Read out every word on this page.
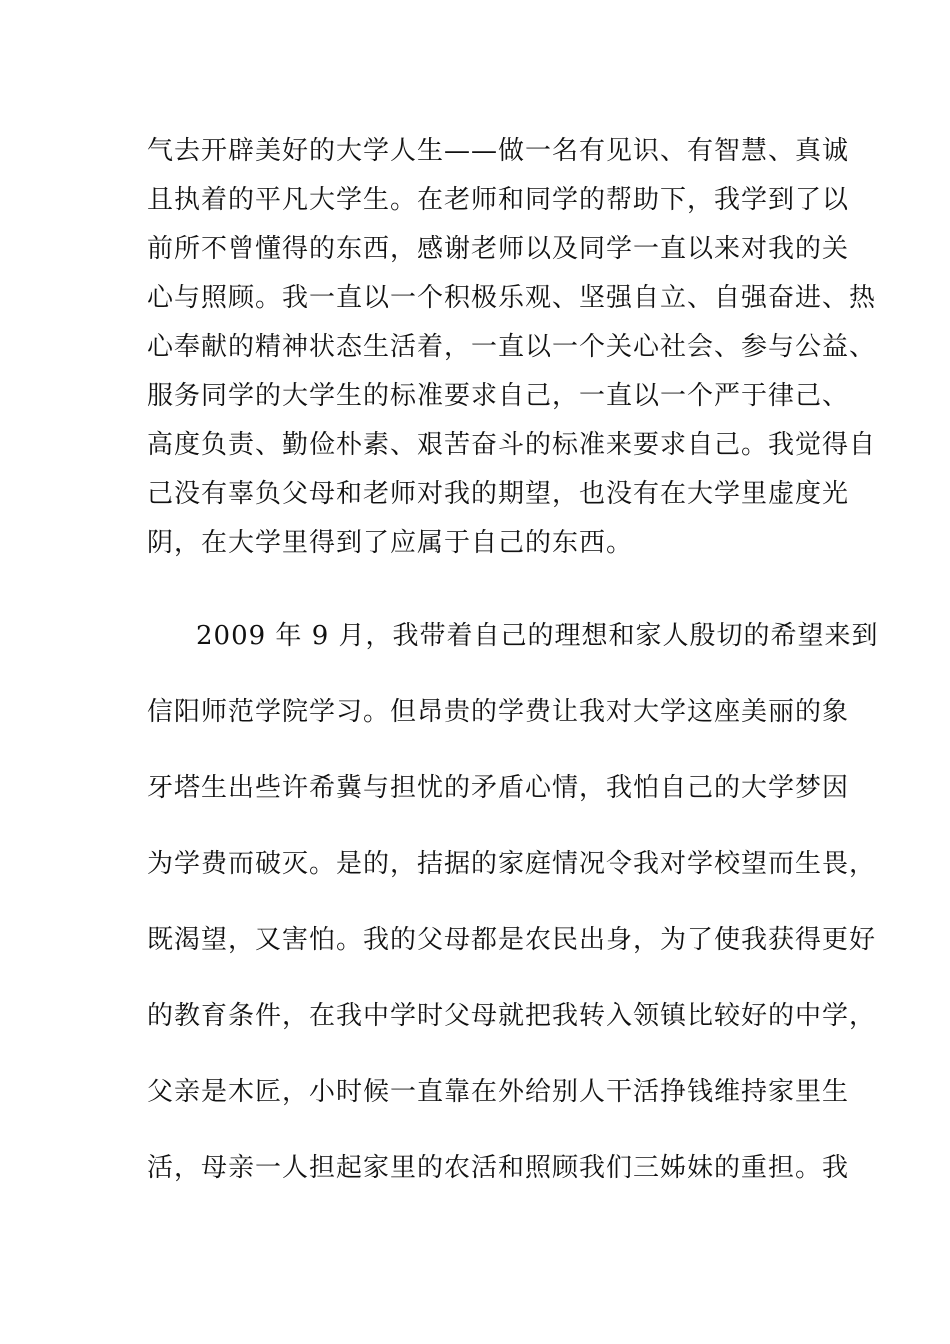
气去开辟美好的大学人生——做一名有见识、有智慧、真诚
且执着的平凡大学生。在老师和同学的帮助下，我学到了以
前所不曾懂得的东西，感谢老师以及同学一直以来对我的关
心与照顾。我一直以一个积极乐观、坚强自立、自强奋进、热
心奉献的精神状态生活着，一直以一个关心社会、参与公益、
服务同学的大学生的标准要求自己，一直以一个严于律己、
高度负责、勤俭朴素、艰苦奋斗的标准来要求自己。我觉得自
己没有辜负父母和老师对我的期望，也没有在大学里虚度光
阴，在大学里得到了应属于自己的东西。
2009 年 9 月，我带着自己的理想和家人殷切的希望来到
信阳师范学院学习。但昂贵的学费让我对大学这座美丽的象
牙塔生出些许希冀与担忧的矛盾心情，我怕自己的大学梦因
为学费而破灭。是的，拮据的家庭情况令我对学校望而生畏，
既渴望，又害怕。我的父母都是农民出身，为了使我获得更好
的教育条件，在我中学时父母就把我转入领镇比较好的中学，
父亲是木匠，小时候一直靠在外给别人干活挣钱维持家里生
活，母亲一人担起家里的农活和照顾我们三姊妹的重担。我
